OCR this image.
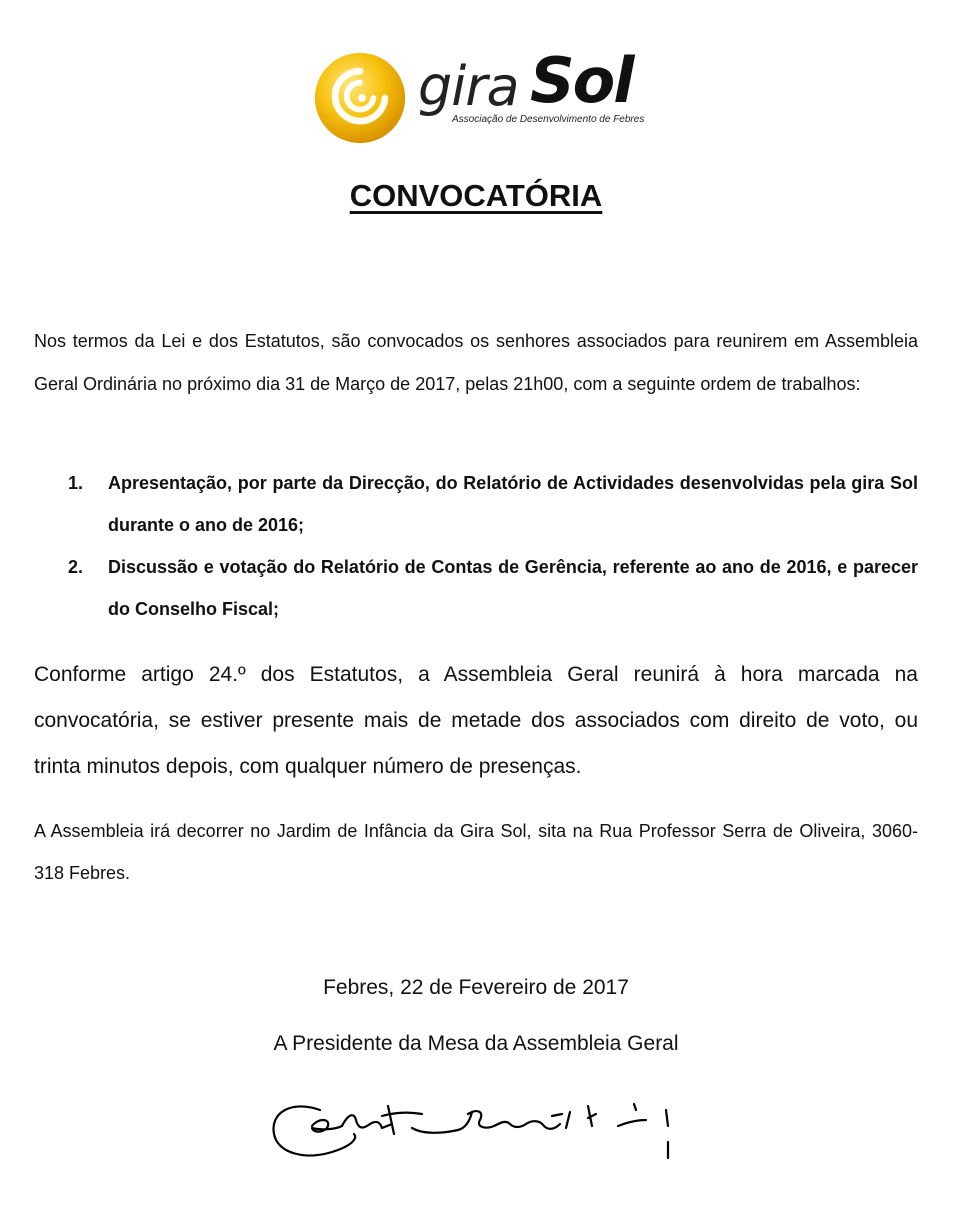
gira Sol
Associação de Desenvolvimento de Febres
CONVOCATÓRIA
Nos termos da Lei e dos Estatutos, são convocados os senhores associados para reunirem em Assembleia Geral Ordinária no próximo dia 31 de Março de 2017, pelas 21h00, com a seguinte ordem de trabalhos:
1. Apresentação, por parte da Direcção, do Relatório de Actividades desenvolvidas pela gira Sol durante o ano de 2016;
2. Discussão e votação do Relatório de Contas de Gerência, referente ao ano de 2016, e parecer do Conselho Fiscal;
Conforme artigo 24.º dos Estatutos, a Assembleia Geral reunirá à hora marcada na convocatória, se estiver presente mais de metade dos associados com direito de voto, ou trinta minutos depois, com qualquer número de presenças.
A Assembleia irá decorrer no Jardim de Infância da Gira Sol, sita na Rua Professor Serra de Oliveira, 3060-318 Febres.
Febres, 22 de Fevereiro de 2017
A Presidente da Mesa da Assembleia Geral
